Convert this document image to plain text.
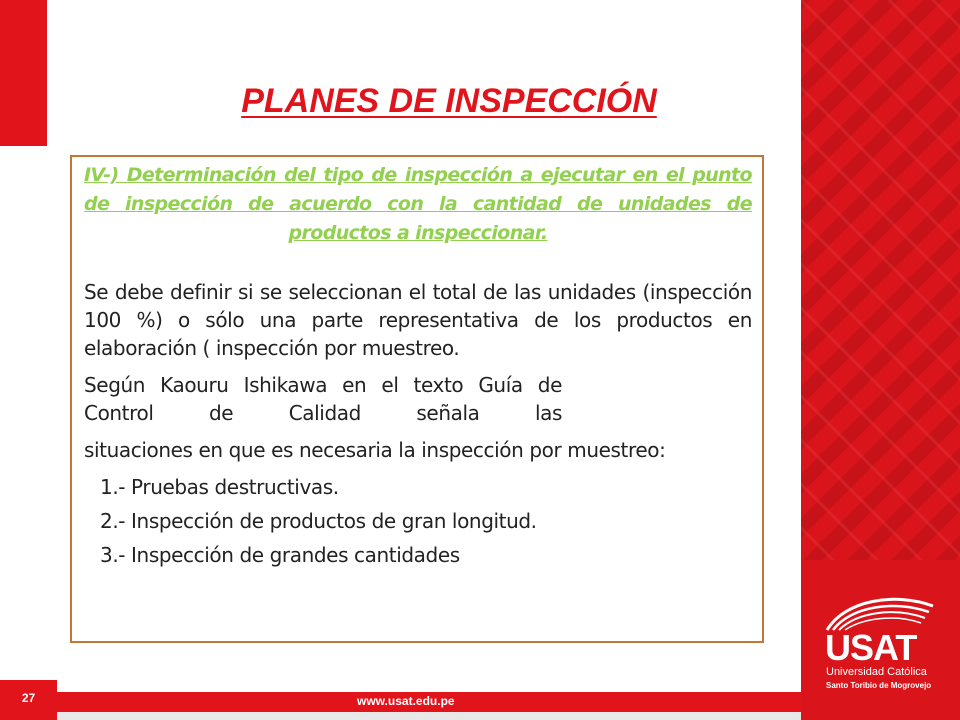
USAT
Universidad Católica
Santo Toribio de Mogrovejo
PLANES DE INSPECCIÓN

IV-) Determinación del tipo de inspección a ejecutar en el punto de inspección de acuerdo con la cantidad de unidades de productos a inspeccionar.

Se debe definir si se seleccionan el total de las unidades (inspección 100 %) o sólo una parte representativa de los productos en elaboración ( inspección por muestreo.

Según Kaouru Ishikawa en el texto Guía de Control de Calidad señala las

situaciones en que es necesaria la inspección por muestreo:

1.- Pruebas destructivas.

2.- Inspección de productos de gran longitud.

3.- Inspección de grandes cantidades

27	www.usat.edu.pe
